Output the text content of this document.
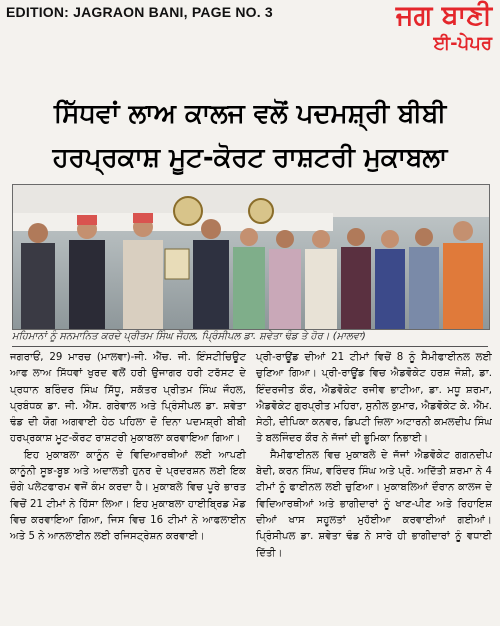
EDITION: JAGRAON BANI, PAGE NO. 3	ਜਗ ਬਾਣੀ
ਈ-ਪੇਪਰ
ਸਿੱਧਵਾਂ ਲਾਅ ਕਾਲਜ ਵਲੋਂ ਪਦਮਸ਼੍ਰੀ ਬੀਬੀ
ਹਰਪ੍ਰਕਾਸ਼ ਮੂਟ-ਕੋਰਟ ਰਾਸ਼ਟਰੀ ਮੁਕਾਬਲਾ
ਮਹਿਮਾਨਾਂ ਨੂੰ ਸਨਮਾਨਿਤ ਕਰਦੇ ਪ੍ਰੀਤਮ ਸਿੰਘ ਜੌਹਲ, ਪ੍ਰਿੰਸੀਪਲ ਡਾ. ਸ਼ਵੇਤਾ ਢੰਡ ਤੇ ਹੋਰ। (ਮਾਲਵਾ)

ਜਗਰਾਓਂ, 29 ਮਾਰਚ (ਮਾਲਵਾ)-ਜੀ. ਐੱਚ. ਜੀ. ਇੰਸਟੀਚਿਊਟ ਆਫ ਲਾਅ ਸਿੱਧਵਾਂ ਖੁਰਦ ਵਲੋਂ ਹਰੀ ਉਜਾਗਰ ਹਰੀ ਟਰੱਸਟ ਦੇ ਪ੍ਰਧਾਨ ਬਰਿੰਦਰ ਸਿੰਘ ਸਿੱਧੂ, ਸਕੱਤਰ ਪ੍ਰੀਤਮ ਸਿੰਘ ਜੌਹਲ, ਪ੍ਰਬੰਧਕ ਡਾ. ਜੀ. ਐੱਸ. ਗਰੇਵਾਲ ਅਤੇ ਪ੍ਰਿੰਸੀਪਲ ਡਾ. ਸ਼ਵੇਤਾ ਢੰਡ ਦੀ ਯੋਗ ਅਗਵਾਈ ਹੇਠ ਪਹਿਲਾ ਦੋ ਦਿਨਾ ਪਦਮਸ਼੍ਰੀ ਬੀਬੀ ਹਰਪ੍ਰਕਾਸ਼ ਮੂਟ-ਕੋਰਟ ਰਾਸ਼ਟਰੀ ਮੁਕਾਬਲਾ ਕਰਵਾਇਆ ਗਿਆ।

ਇਹ ਮੁਕਾਬਲਾ ਕਾਨੂੰਨ ਦੇ ਵਿਦਿਆਰਥੀਆਂ ਲਈ ਆਪਣੀ ਕਾਨੂੰਨੀ ਸੂਝ-ਬੂਝ ਅਤੇ ਅਦਾਲਤੀ ਹੁਨਰ ਦੇ ਪ੍ਰਦਰਸ਼ਨ ਲਈ ਇਕ ਚੰਗੇ ਪਲੇਟਫਾਰਮ ਵਜੋਂ ਕੰਮ ਕਰਦਾ ਹੈ। ਮੁਕਾਬਲੇ ਵਿਚ ਪੂਰੇ ਭਾਰਤ ਵਿਚੋਂ 21 ਟੀਮਾਂ ਨੇ ਹਿੱਸਾ ਲਿਆ। ਇਹ ਮੁਕਾਬਲਾ ਹਾਈਬ੍ਰਿਡ ਮੋਡ ਵਿਚ ਕਰਵਾਇਆ ਗਿਆ, ਜਿਸ ਵਿਚ 16 ਟੀਮਾਂ ਨੇ ਆਫਲਾਈਨ ਅਤੇ 5 ਨੇ ਆਨਲਾਈਨ ਲਈ ਰਜਿਸਟ੍ਰੇਸ਼ਨ ਕਰਵਾਈ।

ਪ੍ਰੀ-ਰਾਊਂਡ ਦੀਆਂ 21 ਟੀਮਾਂ ਵਿਚੋਂ 8 ਨੂੰ ਸੈਮੀਫਾਈਨਲ ਲਈ ਚੁਣਿਆ ਗਿਆ। ਪ੍ਰੀ-ਰਾਊਂਡ ਵਿਚ ਐਡਵੋਕੇਟ ਹਰਸ਼ ਜੋਸ਼ੀ, ਡਾ. ਇੰਦਰਜੀਤ ਕੌਰ, ਐਡਵੋਕੇਟ ਰਜੀਵ ਭਾਟੀਆ, ਡਾ. ਮਧੂ ਸ਼ਰਮਾ, ਐਡਵੋਕੇਟ ਗੁਰਪ੍ਰੀਤ ਮਹਿਰਾ, ਸੁਨੀਲ ਕੁਮਾਰ, ਐਡਵੋਕੇਟ ਕੇ. ਐੱਮ. ਸੇਠੀ, ਦੀਪਿਕਾ ਕਨਵਰ, ਡਿਪਟੀ ਜ਼ਿਲਾ ਅਟਾਰਨੀ ਕਮਲਦੀਪ ਸਿੰਘ ਤੇ ਬਲਜਿੰਦਰ ਕੌਰ ਨੇ ਜੱਜਾਂ ਦੀ ਭੂਮਿਕਾ ਨਿਭਾਈ।

ਸੈਮੀਫਾਈਨਲ ਵਿਚ ਮੁਕਾਬਲੇ ਦੇ ਜੱਜਾਂ ਐਡਵੋਕੇਟ ਗਗਨਦੀਪ ਬੇਦੀ, ਕਰਨ ਸਿੰਘ, ਵਰਿੰਦਰ ਸਿੰਘ ਅਤੇ ਪ੍ਰੋ. ਅਦਿੱਤੀ ਸ਼ਰਮਾ ਨੇ 4 ਟੀਮਾਂ ਨੂੰ ਫਾਈਨਲ ਲਈ ਚੁਣਿਆ। ਮੁਕਾਬਲਿਆਂ ਦੌਰਾਨ ਕਾਲਜ ਦੇ ਵਿਦਿਆਰਥੀਆਂ ਅਤੇ ਭਾਗੀਦਾਰਾਂ ਨੂੰ ਖਾਣ-ਪੀਣ ਅਤੇ ਰਿਹਾਇਸ਼ ਦੀਆਂ ਖਾਸ ਸਹੂਲਤਾਂ ਮੁਹੱਈਆ ਕਰਵਾਈਆਂ ਗਈਆਂ। ਪ੍ਰਿੰਸੀਪਲ ਡਾ. ਸ਼ਵੇਤਾ ਢੰਡ ਨੇ ਸਾਰੇ ਹੀ ਭਾਗੀਦਾਰਾਂ ਨੂੰ ਵਧਾਈ ਦਿੱਤੀ।
